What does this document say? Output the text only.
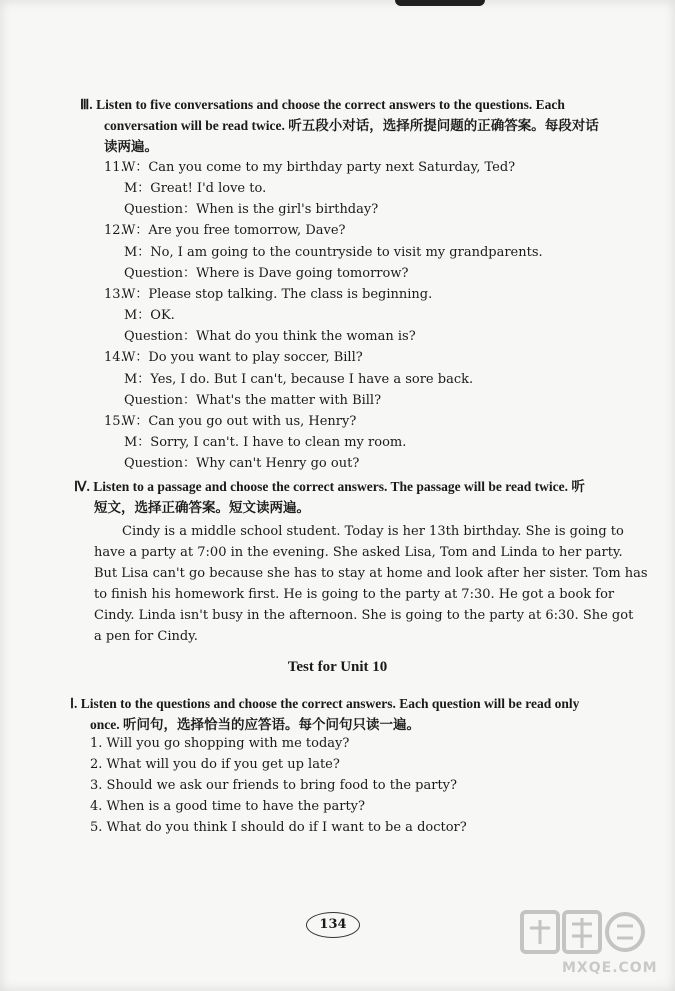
Ⅲ. Listen to five conversations and choose the correct answers to the questions. Each
conversation will be read twice. 听五段小对话，选择所提问题的正确答案。每段对话
读两遍。
11.W：Can you come to my birthday party next Saturday, Ted?
M：Great! I'd love to.
Question：When is the girl's birthday?
12.W：Are you free tomorrow, Dave?
M：No, I am going to the countryside to visit my grandparents.
Question：Where is Dave going tomorrow?
13.W：Please stop talking. The class is beginning.
M：OK.
Question：What do you think the woman is?
14.W：Do you want to play soccer, Bill?
M：Yes, I do. But I can't, because I have a sore back.
Question：What's the matter with Bill?
15.W：Can you go out with us, Henry?
M：Sorry, I can't. I have to clean my room.
Question：Why can't Henry go out?
Ⅳ. Listen to a passage and choose the correct answers. The passage will be read twice. 听
短文，选择正确答案。短文读两遍。
Cindy is a middle school student. Today is her 13th birthday. She is going to
have a party at 7:00 in the evening. She asked Lisa, Tom and Linda to her party.
But Lisa can't go because she has to stay at home and look after her sister. Tom has
to finish his homework first. He is going to the party at 7:30. He got a book for
Cindy. Linda isn't busy in the afternoon. She is going to the party at 6:30. She got
a pen for Cindy.
Test for Unit 10
Ⅰ. Listen to the questions and choose the correct answers. Each question will be read only
once. 听问句，选择恰当的应答语。每个问句只读一遍。
1. Will you go shopping with me today?
2. What will you do if you get up late?
3. Should we ask our friends to bring food to the party?
4. When is a good time to have the party?
5. What do you think I should do if I want to be a doctor?
134
MXQE.COM
